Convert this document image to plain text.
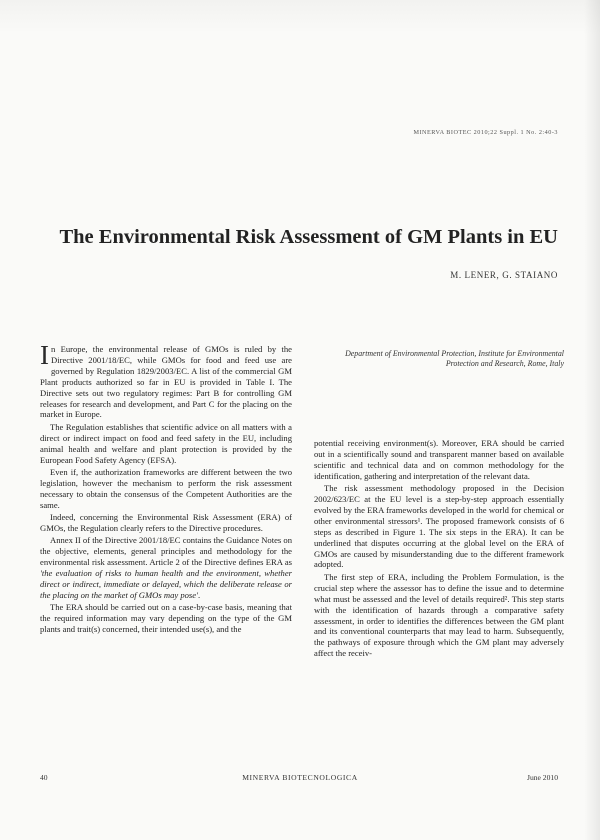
MINERVA BIOTEC 2010;22 Suppl. 1 No. 2:40-3
The Environmental Risk Assessment of GM Plants in EU
M. LENER, G. STAIANO
Department of Environmental Protection, Institute for Environmental Protection and Research, Rome, Italy

In Europe, the environmental release of GMOs is ruled by the Directive 2001/18/EC, while GMOs for food and feed use are governed by Regulation 1829/2003/EC. A list of the commercial GM Plant products authorized so far in EU is provided in Table I. The Directive sets out two regulatory regimes: Part B for controlling GM releases for research and development, and Part C for the placing on the market in Europe.

The Regulation establishes that scientific advice on all matters with a direct or indirect impact on food and feed safety in the EU, including animal health and welfare and plant protection is provided by the European Food Safety Agency (EFSA).

Even if, the authorization frameworks are different between the two legislation, however the mechanism to perform the risk assessment necessary to obtain the consensus of the Competent Authorities are the same.

Indeed, concerning the Environmental Risk Assessment (ERA) of GMOs, the Regulation clearly refers to the Directive procedures.

Annex II of the Directive 2001/18/EC contains the Guidance Notes on the objective, elements, general principles and methodology for the environmental risk assessment. Article 2 of the Directive defines ERA as 'the evaluation of risks to human health and the environment, whether direct or indirect, immediate or delayed, which the deliberate release or the placing on the market of GMOs may pose'.

The ERA should be carried out on a case-by-case basis, meaning that the required information may vary depending on the type of the GM plants and trait(s) concerned, their intended use(s), and the

potential receiving environment(s). Moreover, ERA should be carried out in a scientifically sound and transparent manner based on available scientific and technical data and on common methodology for the identification, gathering and interpretation of the relevant data.

The risk assessment methodology proposed in the Decision 2002/623/EC at the EU level is a step-by-step approach essentially evolved by the ERA frameworks developed in the world for chemical or other environmental stressors¹. The proposed framework consists of 6 steps as described in Figure 1. The six steps in the ERA). It can be underlined that disputes occurring at the global level on the ERA of GMOs are caused by misunderstanding due to the different framework adopted.

The first step of ERA, including the Problem Formulation, is the crucial step where the assessor has to define the issue and to determine what must be assessed and the level of details required². This step starts with the identification of hazards through a comparative safety assessment, in order to identifies the differences between the GM plant and its conventional counterparts that may lead to harm. Subsequently, the pathways of exposure through which the GM plant may adversely affect the receiv-

40	MINERVA BIOTECNOLOGICA	June 2010
